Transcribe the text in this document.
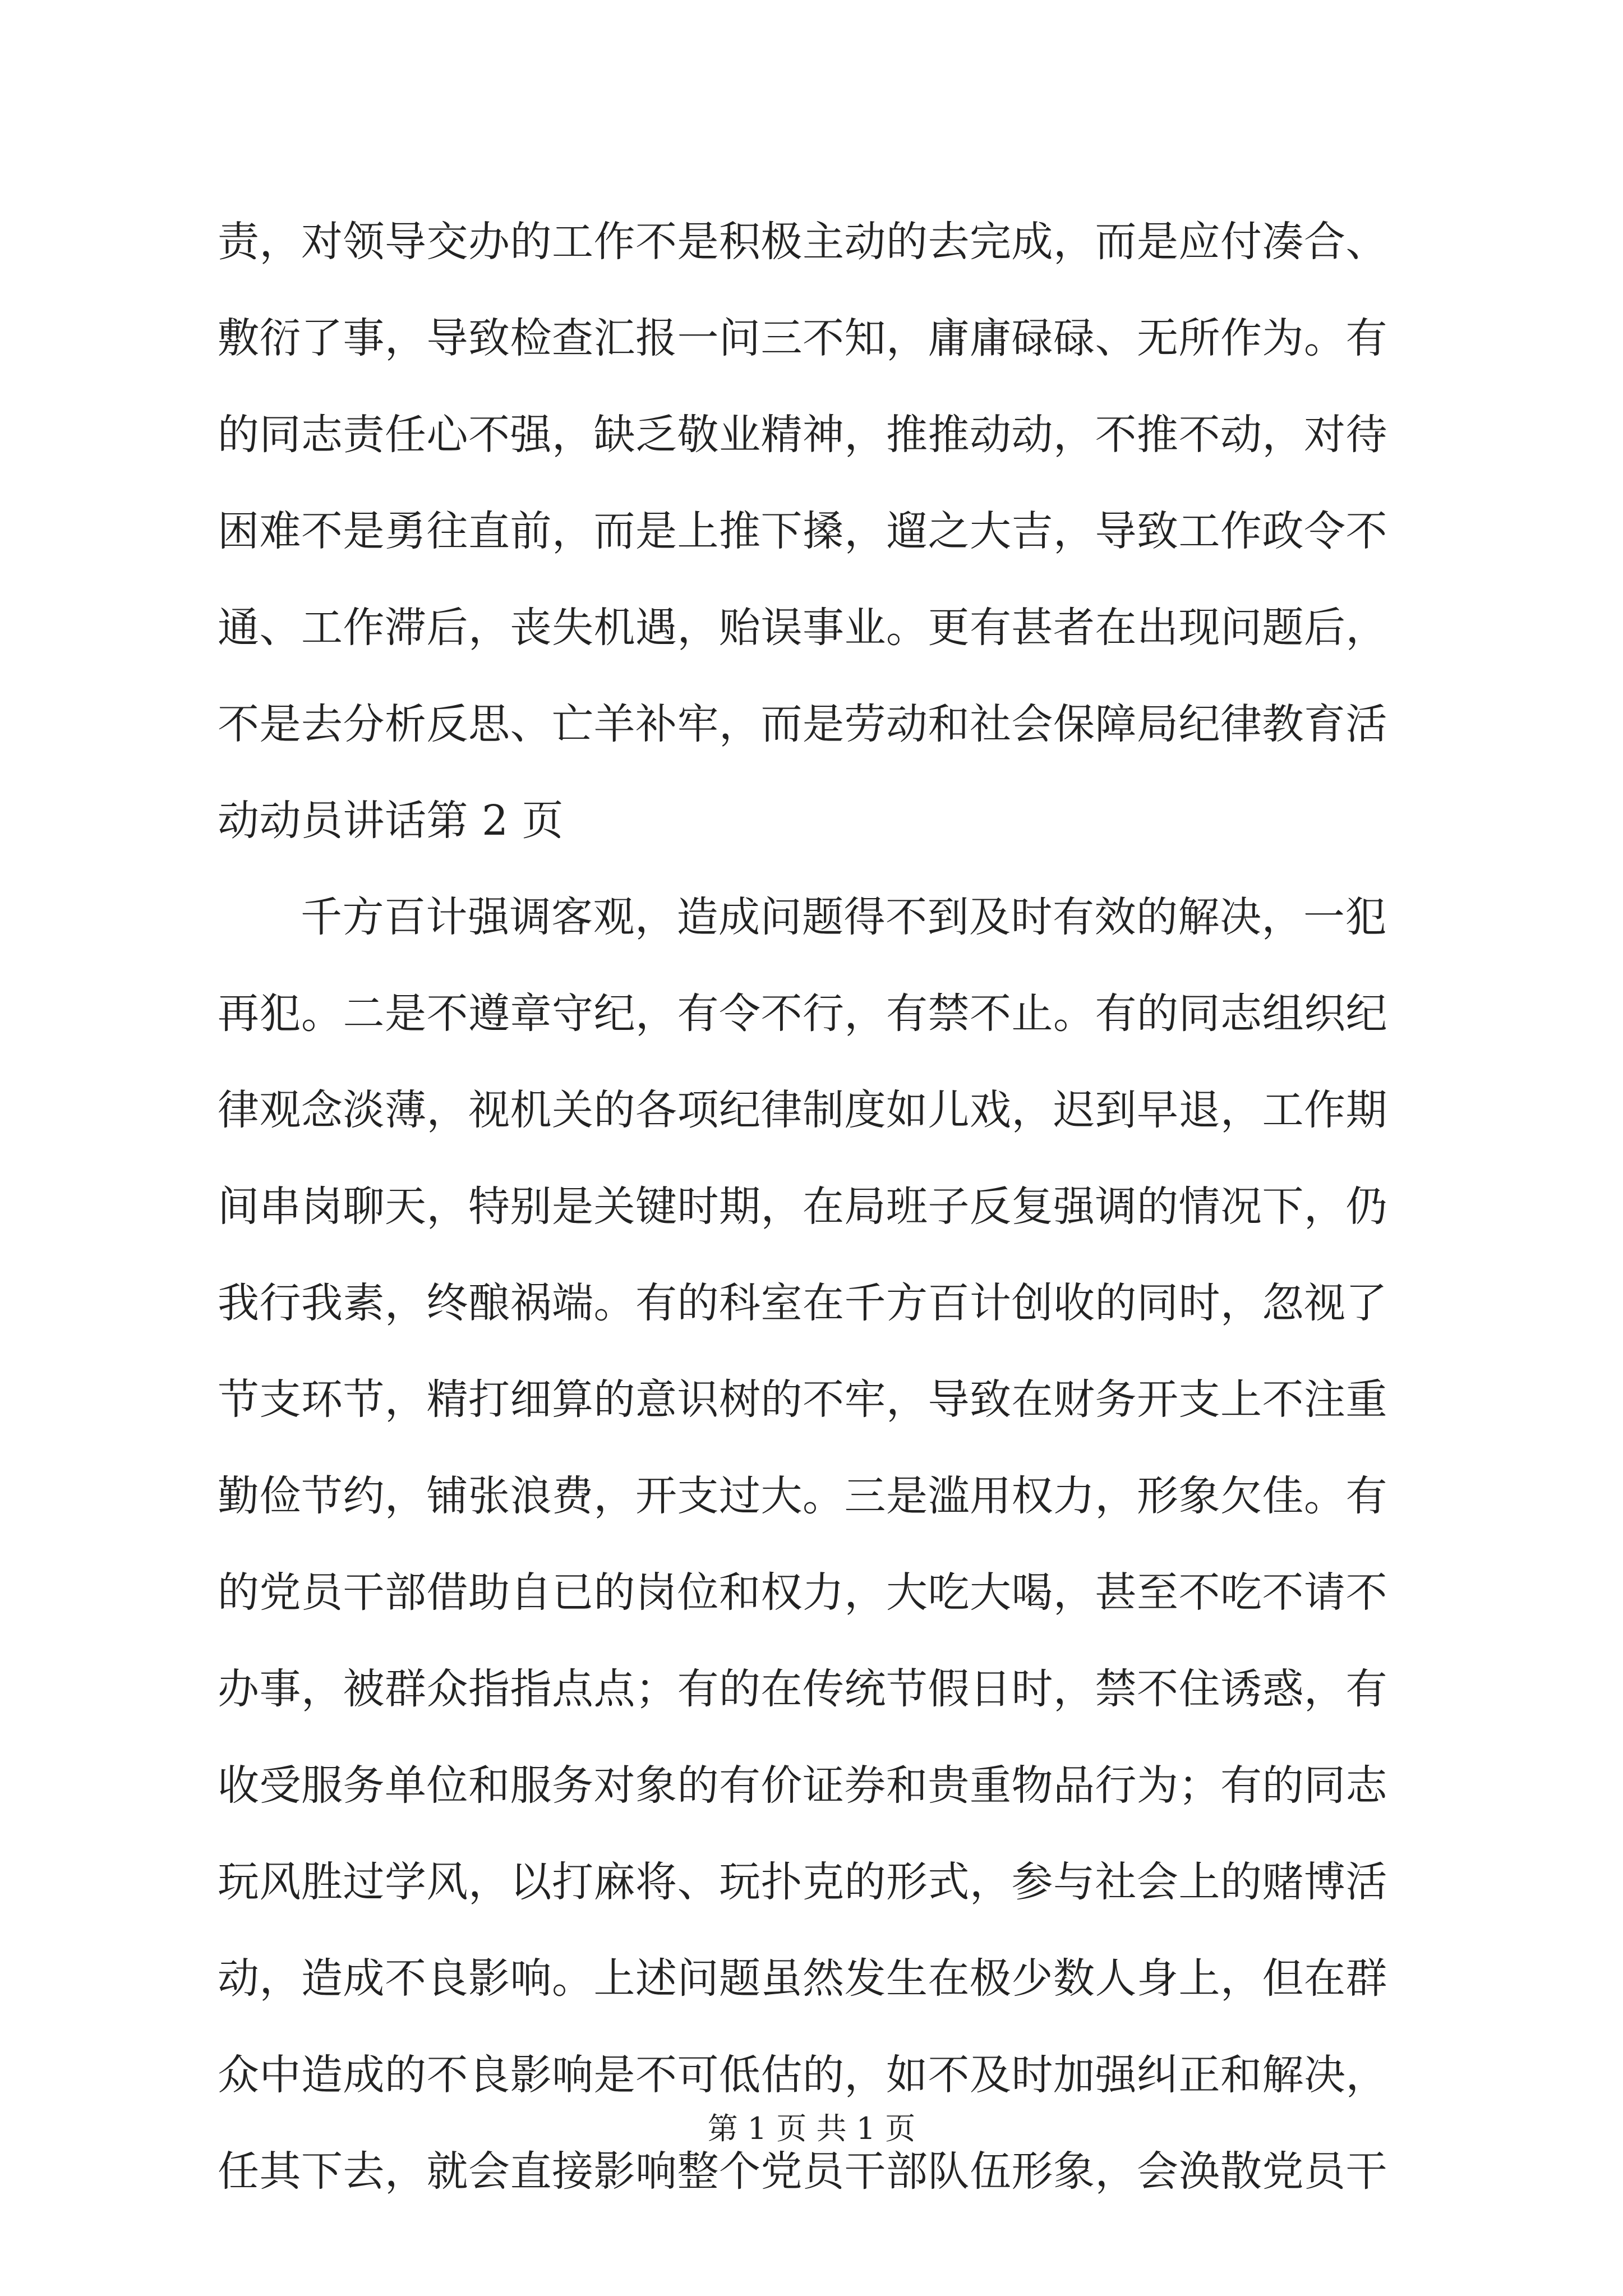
责，对领导交办的工作不是积极主动的去完成，而是应付凑合、
敷衍了事，导致检查汇报一问三不知，庸庸碌碌、无所作为。有
的同志责任心不强，缺乏敬业精神，推推动动，不推不动，对待
困难不是勇往直前，而是上推下搡，遛之大吉，导致工作政令不
通、工作滞后，丧失机遇，贻误事业。更有甚者在出现问题后，
不是去分析反思、亡羊补牢，而是劳动和社会保障局纪律教育活
动动员讲话第 2 页
千方百计强调客观，造成问题得不到及时有效的解决，一犯
再犯。二是不遵章守纪，有令不行，有禁不止。有的同志组织纪
律观念淡薄，视机关的各项纪律制度如儿戏，迟到早退，工作期
间串岗聊天，特别是关键时期，在局班子反复强调的情况下，仍
我行我素，终酿祸端。有的科室在千方百计创收的同时，忽视了
节支环节，精打细算的意识树的不牢，导致在财务开支上不注重
勤俭节约，铺张浪费，开支过大。三是滥用权力，形象欠佳。有
的党员干部借助自已的岗位和权力，大吃大喝，甚至不吃不请不
办事，被群众指指点点；有的在传统节假日时，禁不住诱惑，有
收受服务单位和服务对象的有价证券和贵重物品行为；有的同志
玩风胜过学风，以打麻将、玩扑克的形式，参与社会上的赌博活
动，造成不良影响。上述问题虽然发生在极少数人身上，但在群
众中造成的不良影响是不可低估的，如不及时加强纠正和解决，
任其下去，就会直接影响整个党员干部队伍形象，会涣散党员干
第 1 页 共 1 页
